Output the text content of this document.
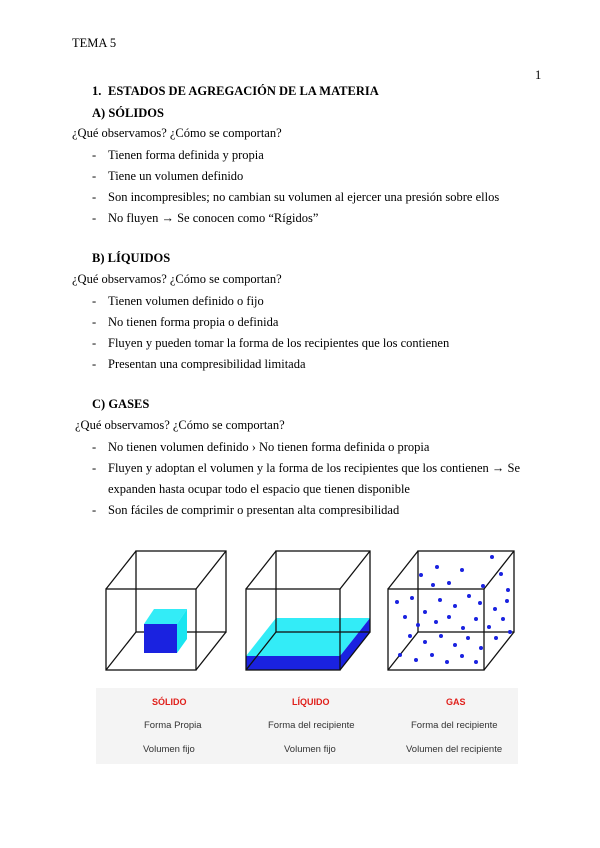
TEMA 5
1
1. ESTADOS DE AGREGACIÓN DE LA MATERIA
A) SÓLIDOS
¿Qué observamos? ¿Cómo se comportan?
- Tienen forma definida y propia
- Tiene un volumen definido
- Son incompresibles; no cambian su volumen al ejercer una presión sobre ellos
- No fluyen → Se conocen como “Rígidos”
B) LÍQUIDOS
¿Qué observamos? ¿Cómo se comportan?
- Tienen volumen definido o fijo
- No tienen forma propia o definida
- Fluyen y pueden tomar la forma de los recipientes que los contienen
- Presentan una compresibilidad limitada
C) GASES
¿Qué observamos? ¿Cómo se comportan?
- No tienen volumen definido › No tienen forma definida o propia
- Fluyen y adoptan el volumen y la forma de los recipientes que los contienen → Se
expanden hasta ocupar todo el espacio que tienen disponible
- Son fáciles de comprimir o presentan alta compresibilidad
SÓLIDO
Forma Propia
Volumen fijo
LÍQUIDO
Forma del recipiente
Volumen fijo
GAS
Forma del recipiente
Volumen del recipiente
